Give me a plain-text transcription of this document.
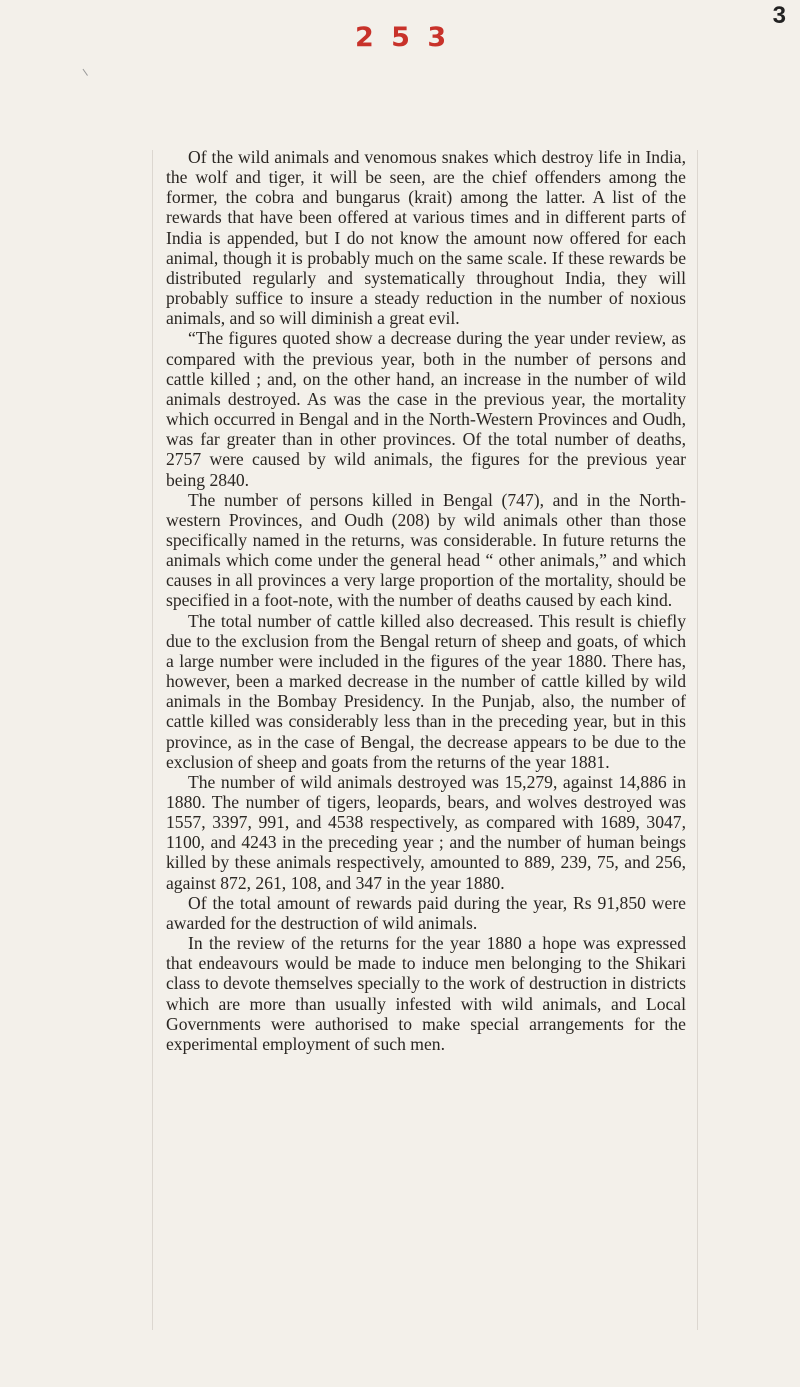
3
2 5 3

Of the wild animals and venomous snakes which destroy life in India, the wolf and tiger, it will be seen, are the chief offenders among the former, the cobra and bungarus (krait) among the latter. A list of the rewards that have been offered at various times and in different parts of India is appended, but I do not know the amount now offered for each animal, though it is probably much on the same scale. If these rewards be distributed regularly and systematically throughout India, they will probably suffice to insure a steady reduction in the number of noxious animals, and so will diminish a great evil.

“The figures quoted show a decrease during the year under review, as compared with the previous year, both in the number of persons and cattle killed ; and, on the other hand, an increase in the number of wild animals destroyed. As was the case in the previous year, the mortality which occurred in Bengal and in the North-Western Provinces and Oudh, was far greater than in other provinces. Of the total number of deaths, 2757 were caused by wild animals, the figures for the previous year being 2840.

The number of persons killed in Bengal (747), and in the North-western Provinces, and Oudh (208) by wild animals other than those specifically named in the returns, was considerable. In future returns the animals which come under the general head “ other animals,” and which causes in all provinces a very large proportion of the mortality, should be specified in a foot-note, with the number of deaths caused by each kind.

The total number of cattle killed also decreased. This result is chiefly due to the exclusion from the Bengal return of sheep and goats, of which a large number were included in the figures of the year 1880. There has, however, been a marked decrease in the number of cattle killed by wild animals in the Bombay Presidency. In the Punjab, also, the number of cattle killed was considerably less than in the preceding year, but in this province, as in the case of Bengal, the decrease appears to be due to the exclusion of sheep and goats from the returns of the year 1881.

The number of wild animals destroyed was 15,279, against 14,886 in 1880. The number of tigers, leopards, bears, and wolves destroyed was 1557, 3397, 991, and 4538 respectively, as compared with 1689, 3047, 1100, and 4243 in the preceding year ; and the number of human beings killed by these animals respectively, amounted to 889, 239, 75, and 256, against 872, 261, 108, and 347 in the year 1880.

Of the total amount of rewards paid during the year, Rs 91,850 were awarded for the destruction of wild animals.

In the review of the returns for the year 1880 a hope was expressed that endeavours would be made to induce men belonging to the Shikari class to devote themselves specially to the work of destruction in districts which are more than usually infested with wild animals, and Local Governments were authorised to make special arrangements for the experimental employment of such men.
